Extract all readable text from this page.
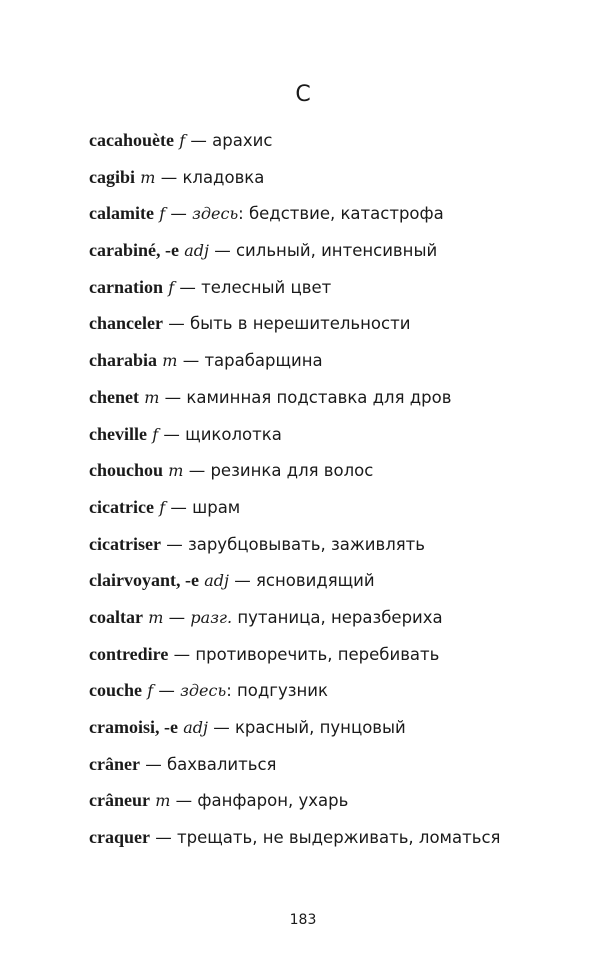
C
cacahouète f — арахис
cagibi m — кладовка
calamite f — здесь: бедствие, катастрофа
carabiné, -e adj — сильный, интенсивный
carnation f — телесный цвет
chanceler — быть в нерешительности
charabia m — тарабарщина
chenet m — каминная подставка для дров
cheville f — щиколотка
chouchou m — резинка для волос
cicatrice f — шрам
cicatriser — зарубцовывать, заживлять
clairvoyant, -e adj — ясновидящий
coaltar m — разг. путаница, неразбериха
contredire — противоречить, перебивать
couche f — здесь: подгузник
cramoisi, -e adj — красный, пунцовый
crâner — бахвалиться
crâneur m — фанфарон, ухарь
craquer — трещать, не выдерживать, ломаться
183
